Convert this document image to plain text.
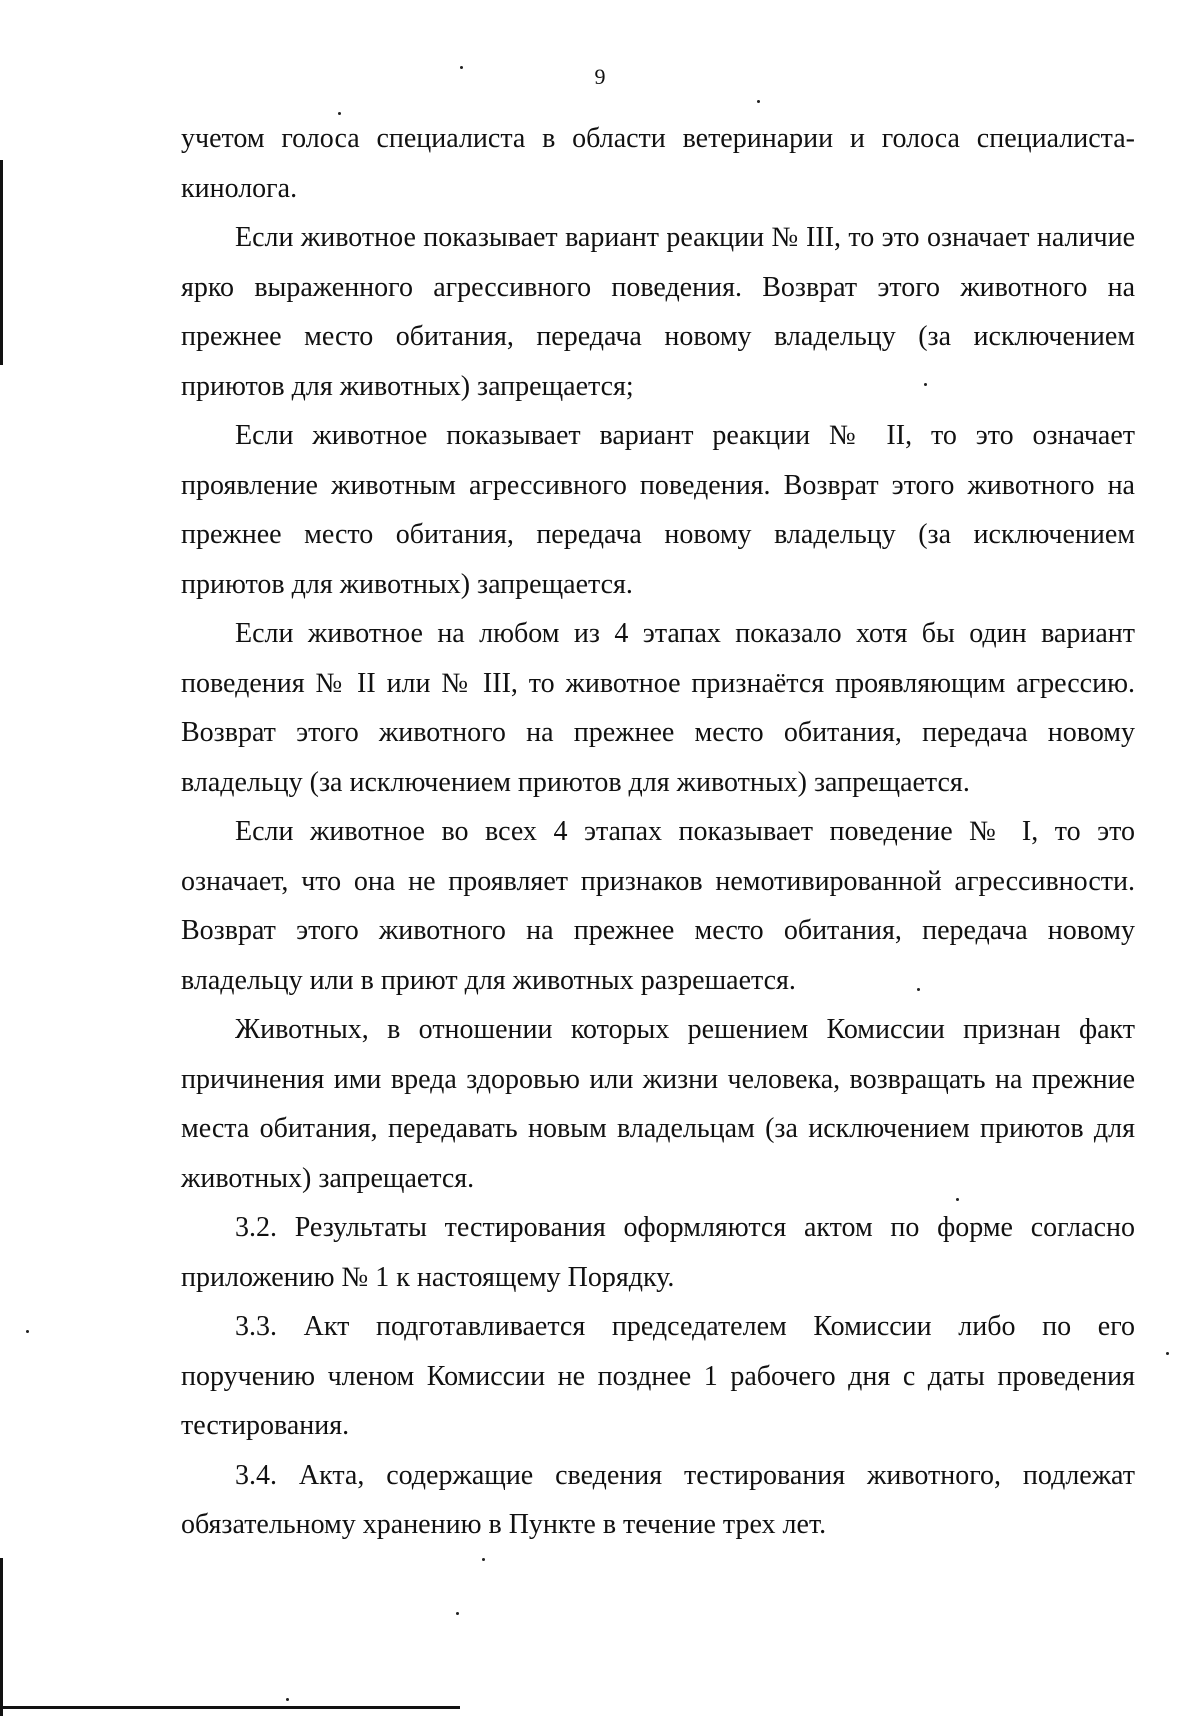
9

учетом голоса специалиста в области ветеринарии и голоса специалиста-кинолога.

Если животное показывает вариант реакции № III, то это означает наличие ярко выраженного агрессивного поведения. Возврат этого животного на прежнее место обитания, передача новому владельцу (за исключением приютов для животных) запрещается;

Если животное показывает вариант реакции № II, то это означает проявление животным агрессивного поведения. Возврат этого животного на прежнее место обитания, передача новому владельцу (за исключением приютов для животных) запрещается.

Если животное на любом из 4 этапах показало хотя бы один вариант поведения № II или № III, то животное признаётся проявляющим агрессию. Возврат этого животного на прежнее место обитания, передача новому владельцу (за исключением приютов для животных) запрещается.

Если животное во всех 4 этапах показывает поведение № I, то это означает, что она не проявляет признаков немотивированной агрессивности. Возврат этого животного на прежнее место обитания, передача новому владельцу или в приют для животных разрешается.

Животных, в отношении которых решением Комиссии признан факт причинения ими вреда здоровью или жизни человека, возвращать на прежние места обитания, передавать новым владельцам (за исключением приютов для животных) запрещается.

3.2. Результаты тестирования оформляются актом по форме согласно приложению № 1 к настоящему Порядку.

3.3. Акт подготавливается председателем Комиссии либо по его поручению членом Комиссии не позднее 1 рабочего дня с даты проведения тестирования.

3.4. Акта, содержащие сведения тестирования животного, подлежат обязательному хранению в Пункте в течение трех лет.
